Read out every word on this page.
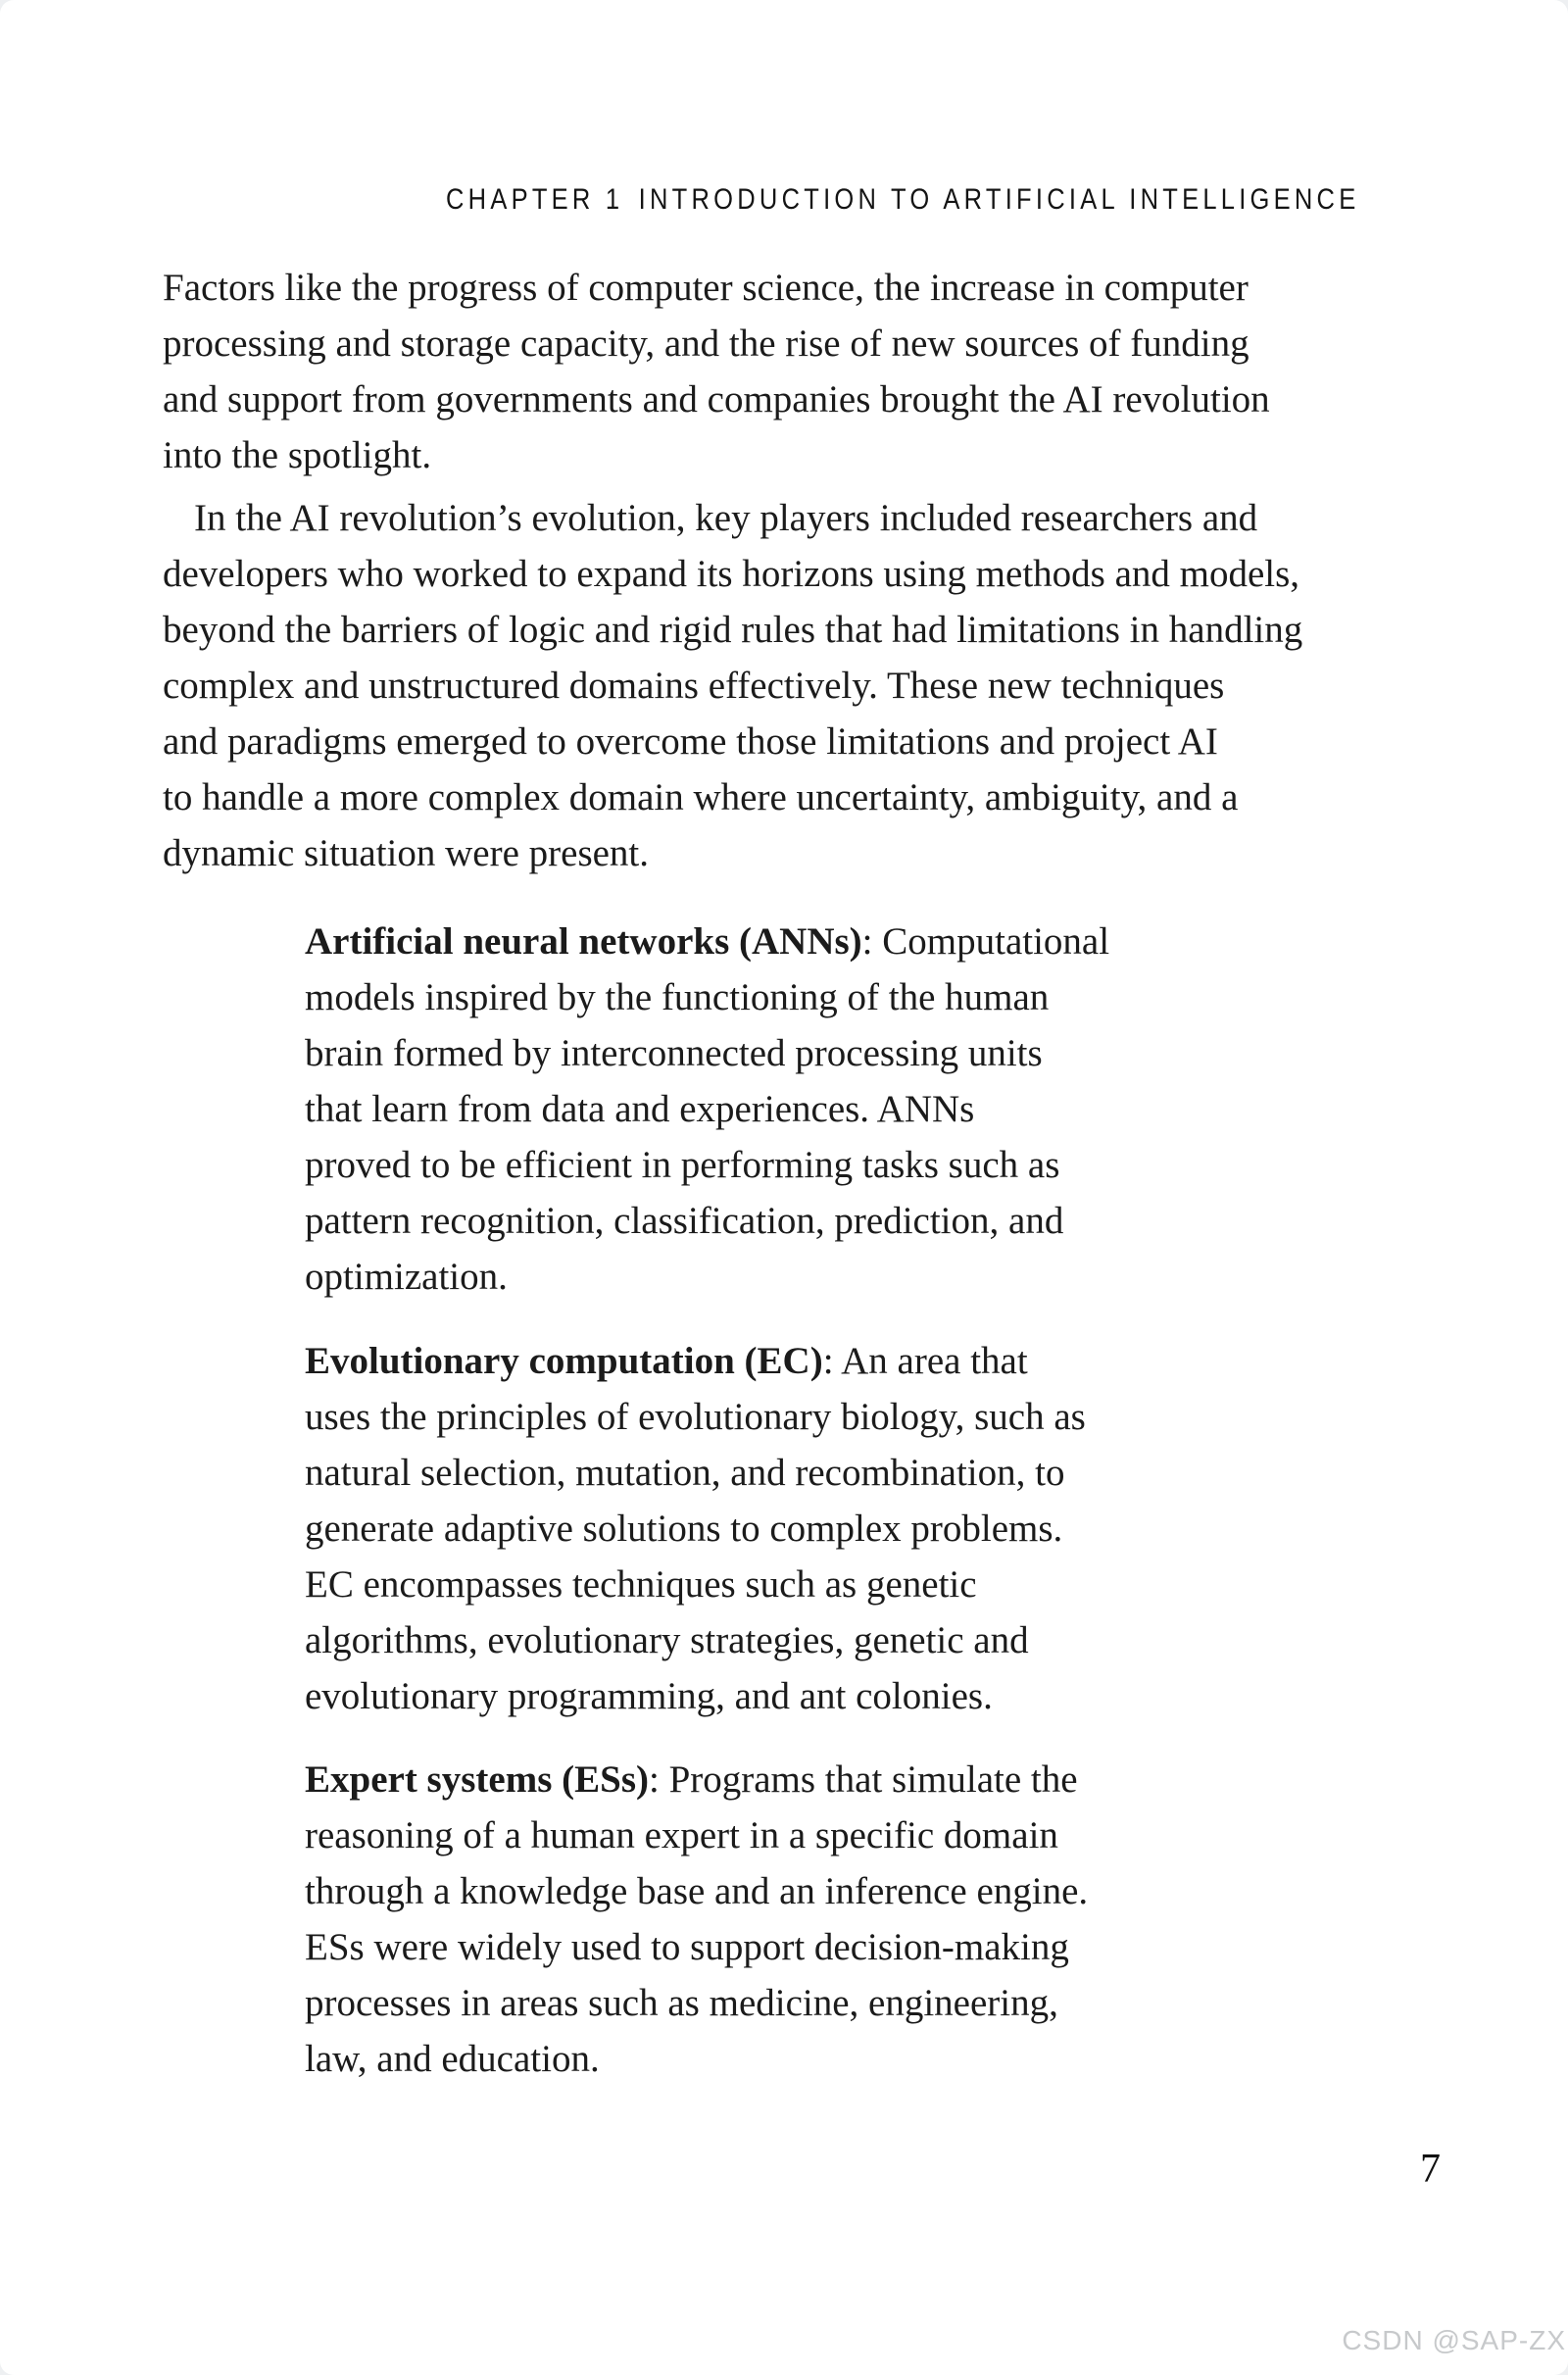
CHAPTER 1 INTRODUCTION TO ARTIFICIAL INTELLIGENCE
Factors like the progress of computer science, the increase in computer
processing and storage capacity, and the rise of new sources of funding
and support from governments and companies brought the AI revolution
into the spotlight.
In the AI revolution’s evolution, key players included researchers and
developers who worked to expand its horizons using methods and models,
beyond the barriers of logic and rigid rules that had limitations in handling
complex and unstructured domains effectively. These new techniques
and paradigms emerged to overcome those limitations and project AI
to handle a more complex domain where uncertainty, ambiguity, and a
dynamic situation were present.
Artificial neural networks (ANNs): Computational
models inspired by the functioning of the human
brain formed by interconnected processing units
that learn from data and experiences. ANNs
proved to be efficient in performing tasks such as
pattern recognition, classification, prediction, and
optimization.
Evolutionary computation (EC): An area that
uses the principles of evolutionary biology, such as
natural selection, mutation, and recombination, to
generate adaptive solutions to complex problems.
EC encompasses techniques such as genetic
algorithms, evolutionary strategies, genetic and
evolutionary programming, and ant colonies.
Expert systems (ESs): Programs that simulate the
reasoning of a human expert in a specific domain
through a knowledge base and an inference engine.
ESs were widely used to support decision-making
processes in areas such as medicine, engineering,
law, and education.
7
CSDN @SAP-ZX
